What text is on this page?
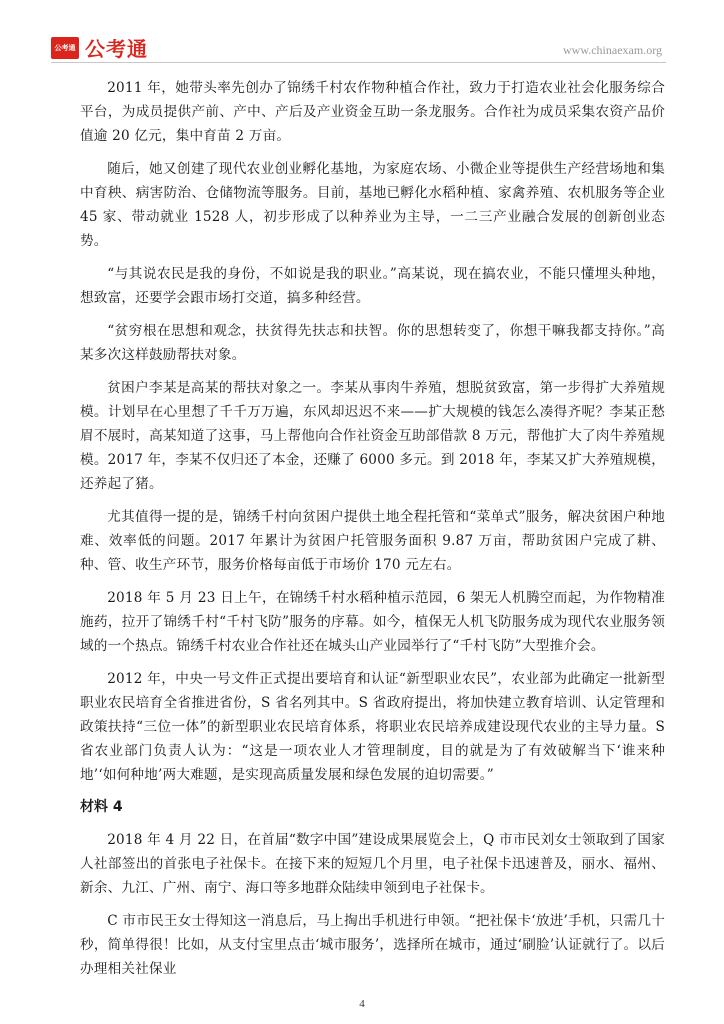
公考通 公考通	www.chinaexam.org

2011 年，她带头率先创办了锦绣千村农作物种植合作社，致力于打造农业社会化服务综合平台，为成员提供产前、产中、产后及产业资金互助一条龙服务。合作社为成员采集农资产品价值逾 20 亿元，集中育苗 2 万亩。

随后，她又创建了现代农业创业孵化基地，为家庭农场、小微企业等提供生产经营场地和集中育秧、病害防治、仓储物流等服务。目前，基地已孵化水稻种植、家禽养殖、农机服务等企业 45 家、带动就业 1528 人，初步形成了以种养业为主导，一二三产业融合发展的创新创业态势。

“与其说农民是我的身份，不如说是我的职业。”高某说，现在搞农业，不能只懂埋头种地，想致富，还要学会跟市场打交道，搞多种经营。

“贫穷根在思想和观念，扶贫得先扶志和扶智。你的思想转变了，你想干嘛我都支持你。”高某多次这样鼓励帮扶对象。

贫困户李某是高某的帮扶对象之一。李某从事肉牛养殖，想脱贫致富，第一步得扩大养殖规模。计划早在心里想了千千万万遍，东风却迟迟不来——扩大规模的钱怎么凑得齐呢？李某正愁眉不展时，高某知道了这事，马上帮他向合作社资金互助部借款 8 万元，帮他扩大了肉牛养殖规模。2017 年，李某不仅归还了本金，还赚了 6000 多元。到 2018 年，李某又扩大养殖规模，还养起了猪。

尤其值得一提的是，锦绣千村向贫困户提供土地全程托管和“菜单式”服务，解决贫困户种地难、效率低的问题。2017 年累计为贫困户托管服务面积 9.87 万亩，帮助贫困户完成了耕、种、管、收生产环节，服务价格每亩低于市场价 170 元左右。

2018 年 5 月 23 日上午，在锦绣千村水稻种植示范园，6 架无人机腾空而起，为作物精准施药，拉开了锦绣千村“千村飞防”服务的序幕。如今，植保无人机飞防服务成为现代农业服务领域的一个热点。锦绣千村农业合作社还在城头山产业园举行了“千村飞防”大型推介会。

2012 年，中央一号文件正式提出要培育和认证“新型职业农民”，农业部为此确定一批新型职业农民培育全省推进省份，S 省名列其中。S 省政府提出，将加快建立教育培训、认定管理和政策扶持“三位一体”的新型职业农民培育体系，将职业农民培养成建设现代农业的主导力量。S 省农业部门负责人认为：“这是一项农业人才管理制度，目的就是为了有效破解当下‘谁来种地’‘如何种地’两大难题，是实现高质量发展和绿色发展的迫切需要。”

材料 4

2018 年 4 月 22 日，在首届“数字中国”建设成果展览会上，Q 市市民刘女士领取到了国家人社部签出的首张电子社保卡。在接下来的短短几个月里，电子社保卡迅速普及，丽水、福州、新余、九江、广州、南宁、海口等多地群众陆续申领到电子社保卡。

C 市市民王女士得知这一消息后，马上掏出手机进行申领。“把社保卡‘放进’手机，只需几十秒，简单得很！比如，从支付宝里点击‘城市服务’，选择所在城市，通过‘刷脸’认证就行了。以后办理相关社保业

4
